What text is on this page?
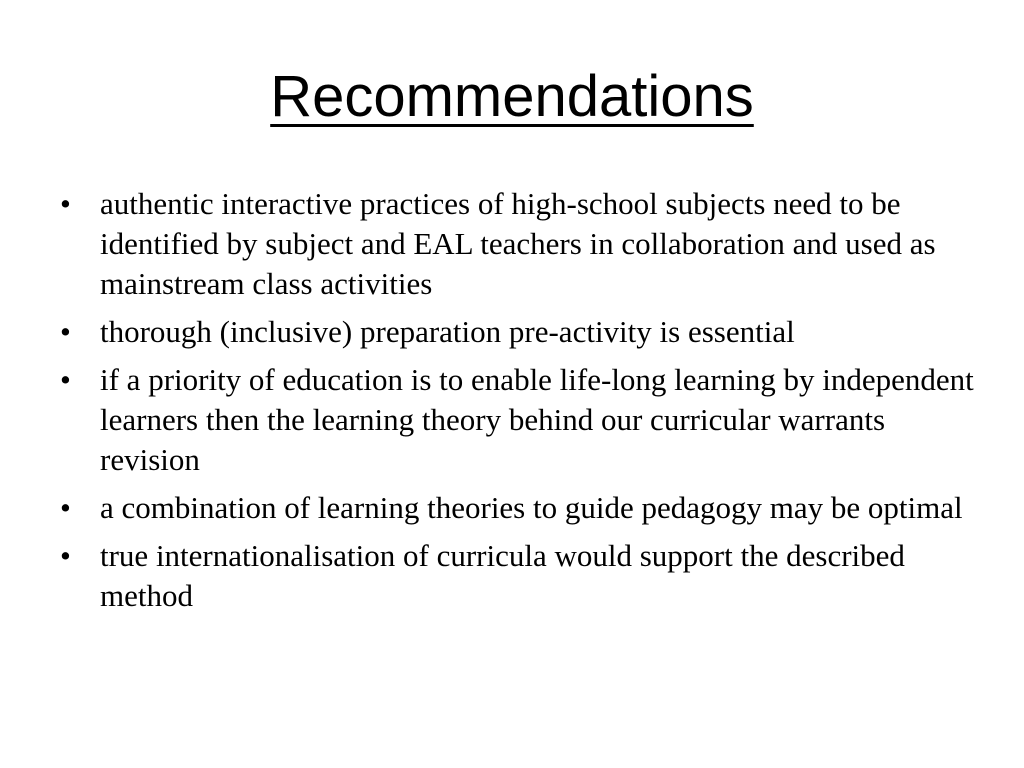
Recommendations
• authentic interactive practices of high-school subjects need to be identified by subject and EAL teachers in collaboration and used as mainstream class activities
• thorough (inclusive) preparation pre-activity is essential
• if a priority of education is to enable life-long learning by independent learners then the learning theory behind our curricular warrants revision
• a combination of learning theories to guide pedagogy may be optimal
• true internationalisation of curricula would support the described method
